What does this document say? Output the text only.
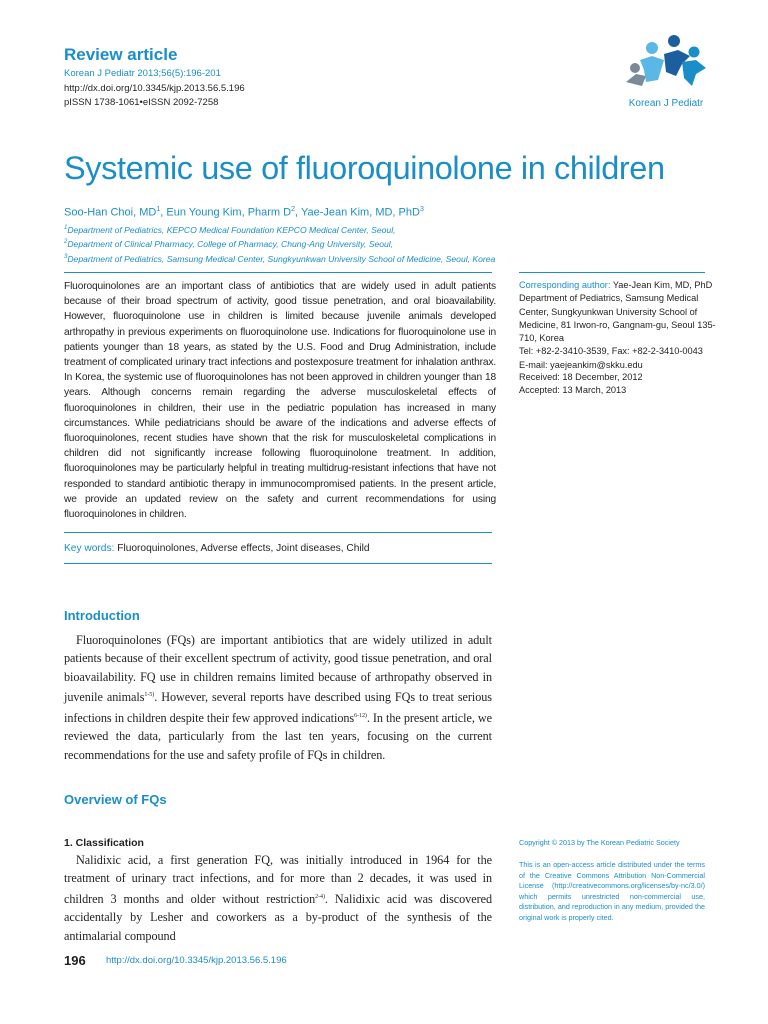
Review article
Korean J Pediatr 2013;56(5):196-201
http://dx.doi.org/10.3345/kjp.2013.56.5.196
pISSN 1738-1061•eISSN 2092-7258	Korean J Pediatr
Systemic use of fluoroquinolone in children
Soo-Han Choi, $MD^1$, Eun Young Kim, Pharm $D^2$, Yae-Jean Kim, MD, PhD$^3$
$^1$Department of Pediatrics, KEPCO Medical Foundation KEPCO Medical Center, Seoul,
$^2$Department of Clinical Pharmacy, College of Pharmacy, Chung-Ang University, Seoul,
$^3$Department of Pediatrics, Samsung Medical Center, Sungkyunkwan University School of Medicine, Seoul, Korea
Fluoroquinolones are an important class of antibiotics that are widely used in adult patients because of their broad spectrum of activity, good tissue penetration, and oral bioavailability. However, fluoroquinolone use in children is limited because juvenile animals developed arthropathy in previous experiments on fluoroquinolone use. Indications for fluoroquinolone use in patients younger than 18 years, as stated by the U.S. Food and Drug Administration, include treatment of complicated urinary tract infections and postexposure treatment for inhalation anthrax. In Korea, the systemic use of fluoroquinolones has not been approved in children younger than 18 years. Although concerns remain regarding the adverse musculoskeletal effects of fluoroquinolones in children, their use in the pediatric population has increased in many circumstances. While pediatricians should be aware of the indications and adverse effects of fluoroquinolones, recent studies have shown that the risk for musculoskeletal complications in children did not significantly increase following fluoroquinolone treatment. In addition, fluoroquinolones may be particularly helpful in treating multidrug-resistant infections that have not responded to standard antibiotic therapy in immunocompromised patients. In the present article, we provide an updated review on the safety and current recommendations for using fluoroquinolones in children.
Key words: Fluoroquinolones, Adverse effects, Joint diseases, Child
Corresponding author: Yae-Jean Kim, MD, PhD Department of Pediatrics, Samsung Medical Center, Sungkyunkwan University School of Medicine, 81 Irwon-ro, Gangnam-gu, Seoul 135-710, Korea
Tel: +82-2-3410-3539, Fax: +82-2-3410-0043
E-mail: yaejeankim@skku.edu
Received: 18 December, 2012
Accepted: 13 March, 2013
Introduction

Fluoroquinolones (FQs) are important antibiotics that are widely utilized in adult patients because of their excellent spectrum of activity, good tissue penetration, and oral bioavailability. FQ use in children remains limited because of arthropathy observed in juvenile animals$^{1-5)}$. However, several reports have described using FQs to treat serious infections in children despite their few approved indications$^{6-12)}$. In the present article, we reviewed the data, particularly from the last ten years, focusing on the current recommendations for the use and safety profile of FQs in children.

Overview of FQs
1. Classification

Nalidixic acid, a first generation FQ, was initially introduced in 1964 for the treatment of urinary tract infections, and for more than 2 decades, it was used in children 3 months and older without restriction$^{2-4)}$. Nalidixic acid was discovered accidentally by Lesher and coworkers as a by-product of the synthesis of the antimalarial compound

Copyright © 2013 by The Korean Pediatric Society
This is an open-access article distributed under the terms of the Creative Commons Attribution Non-Commercial License (http://creativecommons.org/licenses/by-nc/3.0/) which permits unrestricted non-commercial use, distribution, and reproduction in any medium, provided the original work is properly cited.
196 http://dx.doi.org/10.3345/kjp.2013.56.5.196
